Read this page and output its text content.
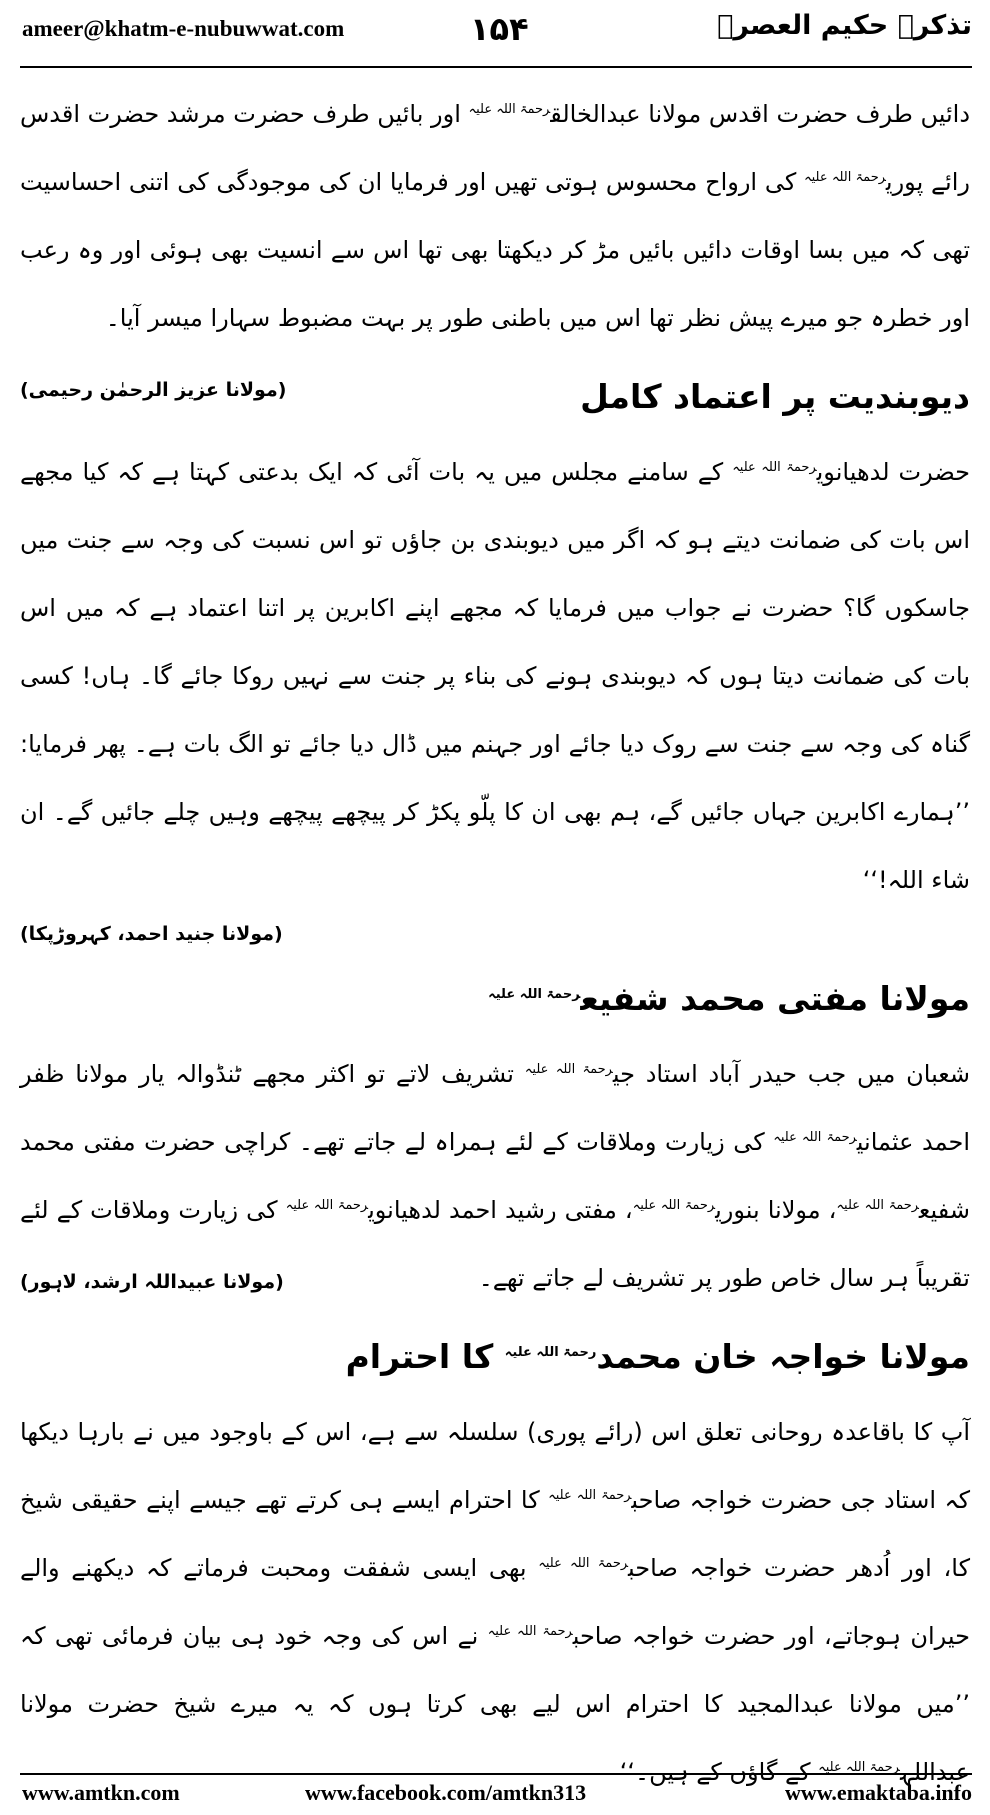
ameer@khatm-e-nubuwwat.com	۱۵۴	تذکرہ حکیم العصرؒ

دائیں طرف حضرت اقدس مولانا عبدالخالق$^{رحمۃ اللہ علیہ}$ اور بائیں طرف حضرت مرشد حضرت اقدس رائے پوری$^{رحمۃ اللہ علیہ}$ کی ارواح محسوس ہوتی تھیں اور فرمایا ان کی موجودگی کی اتنی احساسیت تھی کہ میں بسا اوقات دائیں بائیں مڑ کر دیکھتا بھی تھا اس سے انسیت بھی ہوئی اور وہ رعب اور خطرہ جو میرے پیش نظر تھا اس میں باطنی طور پر بہت مضبوط سہارا میسر آیا۔
(مولانا عزیز الرحمٰن رحیمی)	دیوبندیت پر اعتماد کامل

حضرت لدھیانوی$^{رحمۃ اللہ علیہ}$ کے سامنے مجلس میں یہ بات آئی کہ ایک بدعتی کہتا ہے کہ کیا مجھے اس بات کی ضمانت دیتے ہو کہ اگر میں دیوبندی بن جاؤں تو اس نسبت کی وجہ سے جنت میں جاسکوں گا؟ حضرت نے جواب میں فرمایا کہ مجھے اپنے اکابرین پر اتنا اعتماد ہے کہ میں اس بات کی ضمانت دیتا ہوں کہ دیوبندی ہونے کی بناء پر جنت سے نہیں روکا جائے گا۔ ہاں! کسی گناہ کی وجہ سے جنت سے روک دیا جائے اور جہنم میں ڈال دیا جائے تو الگ بات ہے۔ پھر فرمایا: ’’ہمارے اکابرین جہاں جائیں گے، ہم بھی ان کا پلّو پکڑ کر پیچھے پیچھے وہیں چلے جائیں گے۔ ان شاء اللہ!‘‘

(مولانا جنید احمد، کہروڑپکا)
مولانا مفتی محمد شفیع$^{رحمۃ اللہ علیہ}$

شعبان میں جب حیدر آباد استاد جی$^{رحمۃ اللہ علیہ}$ تشریف لاتے تو اکثر مجھے ٹنڈوالہ یار مولانا ظفر احمد عثمانی$^{رحمۃ اللہ علیہ}$ کی زیارت وملاقات کے لئے ہمراہ لے جاتے تھے۔ کراچی حضرت مفتی محمد شفیع$^{رحمۃ اللہ علیہ}$، مولانا بنوری$^{رحمۃ اللہ علیہ}$، مفتی رشید احمد لدھیانوی$^{رحمۃ اللہ علیہ}$ کی زیارت وملاقات کے لئے تقریباً ہر سال خاص طور پر تشریف لے جاتے تھے۔
(مولانا عبیداللہ ارشد، لاہور)

مولانا خواجہ خان محمد$^{رحمۃ اللہ علیہ}$ کا احترام

آپ کا باقاعدہ روحانی تعلق اس (رائے پوری) سلسلہ سے ہے، اس کے باوجود میں نے بارہا دیکھا کہ استاد جی حضرت خواجہ صاحب$^{رحمۃ اللہ علیہ}$ کا احترام ایسے ہی کرتے تھے جیسے اپنے حقیقی شیخ کا، اور اُدھر حضرت خواجہ صاحب$^{رحمۃ اللہ علیہ}$ بھی ایسی شفقت ومحبت فرماتے کہ دیکھنے والے حیران ہوجاتے، اور حضرت خواجہ صاحب$^{رحمۃ اللہ علیہ}$ نے اس کی وجہ خود ہی بیان فرمائی تھی کہ ’’میں مولانا عبدالمجید کا احترام اس لیے بھی کرتا ہوں کہ یہ میرے شیخ حضرت مولانا عبداللہ$^{رحمۃ اللہ علیہ}$ کے گاؤں کے ہیں۔‘‘

www.amtkn.com	www.facebook.com/amtkn313	www.emaktaba.info
